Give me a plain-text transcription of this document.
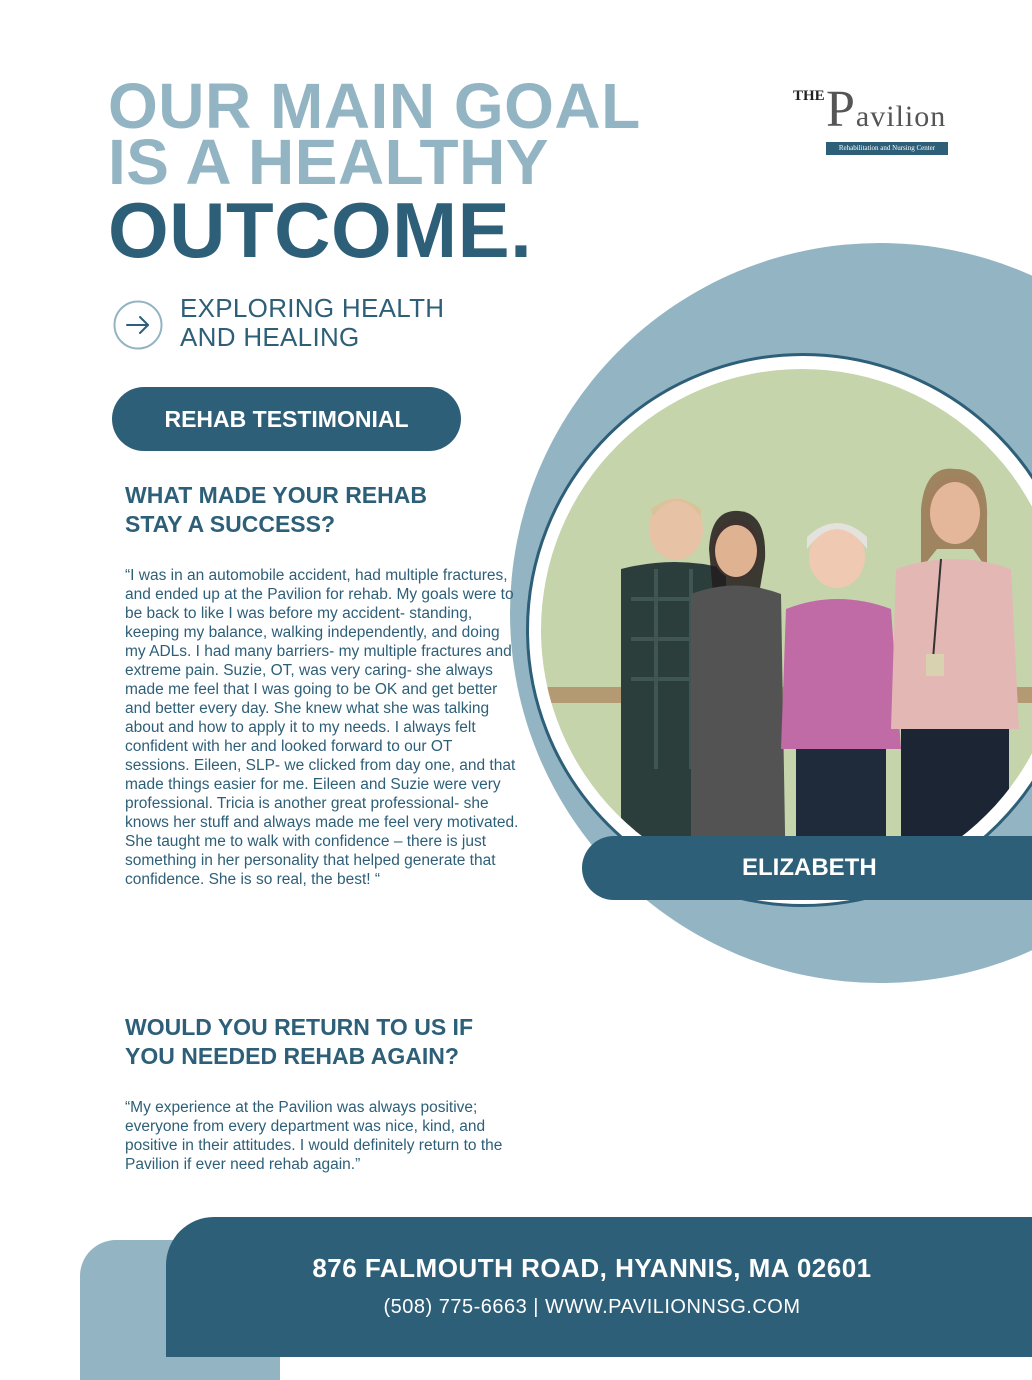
OUR MAIN GOAL
IS A HEALTHY
OUTCOME.
THE Pavilion
Rehabilitation and Nursing Center
EXPLORING HEALTH
AND HEALING
REHAB TESTIMONIAL
WHAT MADE YOUR REHAB
STAY A SUCCESS?

“I was in an automobile accident, had multiple fractures, and ended up at the Pavilion for rehab. My goals were to be back to like I was before my accident- standing, keeping my balance, walking independently, and doing my ADLs. I had many barriers- my multiple fractures and extreme pain. Suzie, OT, was very caring- she always made me feel that I was going to be OK and get better and better every day. She knew what she was talking about and how to apply it to my needs. I always felt confident with her and looked forward to our OT sessions. Eileen, SLP- we clicked from day one, and that made things easier for me. Eileen and Suzie were very professional. Tricia is another great professional- she knows her stuff and always made me feel very motivated. She taught me to walk with confidence – there is just something in her personality that helped generate that confidence. She is so real, the best! “

WOULD YOU RETURN TO US IF
YOU NEEDED REHAB AGAIN?

“My experience at the Pavilion was always positive; everyone from every department was nice, kind, and positive in their attitudes. I would definitely return to the Pavilion if ever need rehab again.”

ELIZABETH
876 FALMOUTH ROAD, HYANNIS, MA 02601
(508) 775-6663 | WWW.PAVILIONNSG.COM
